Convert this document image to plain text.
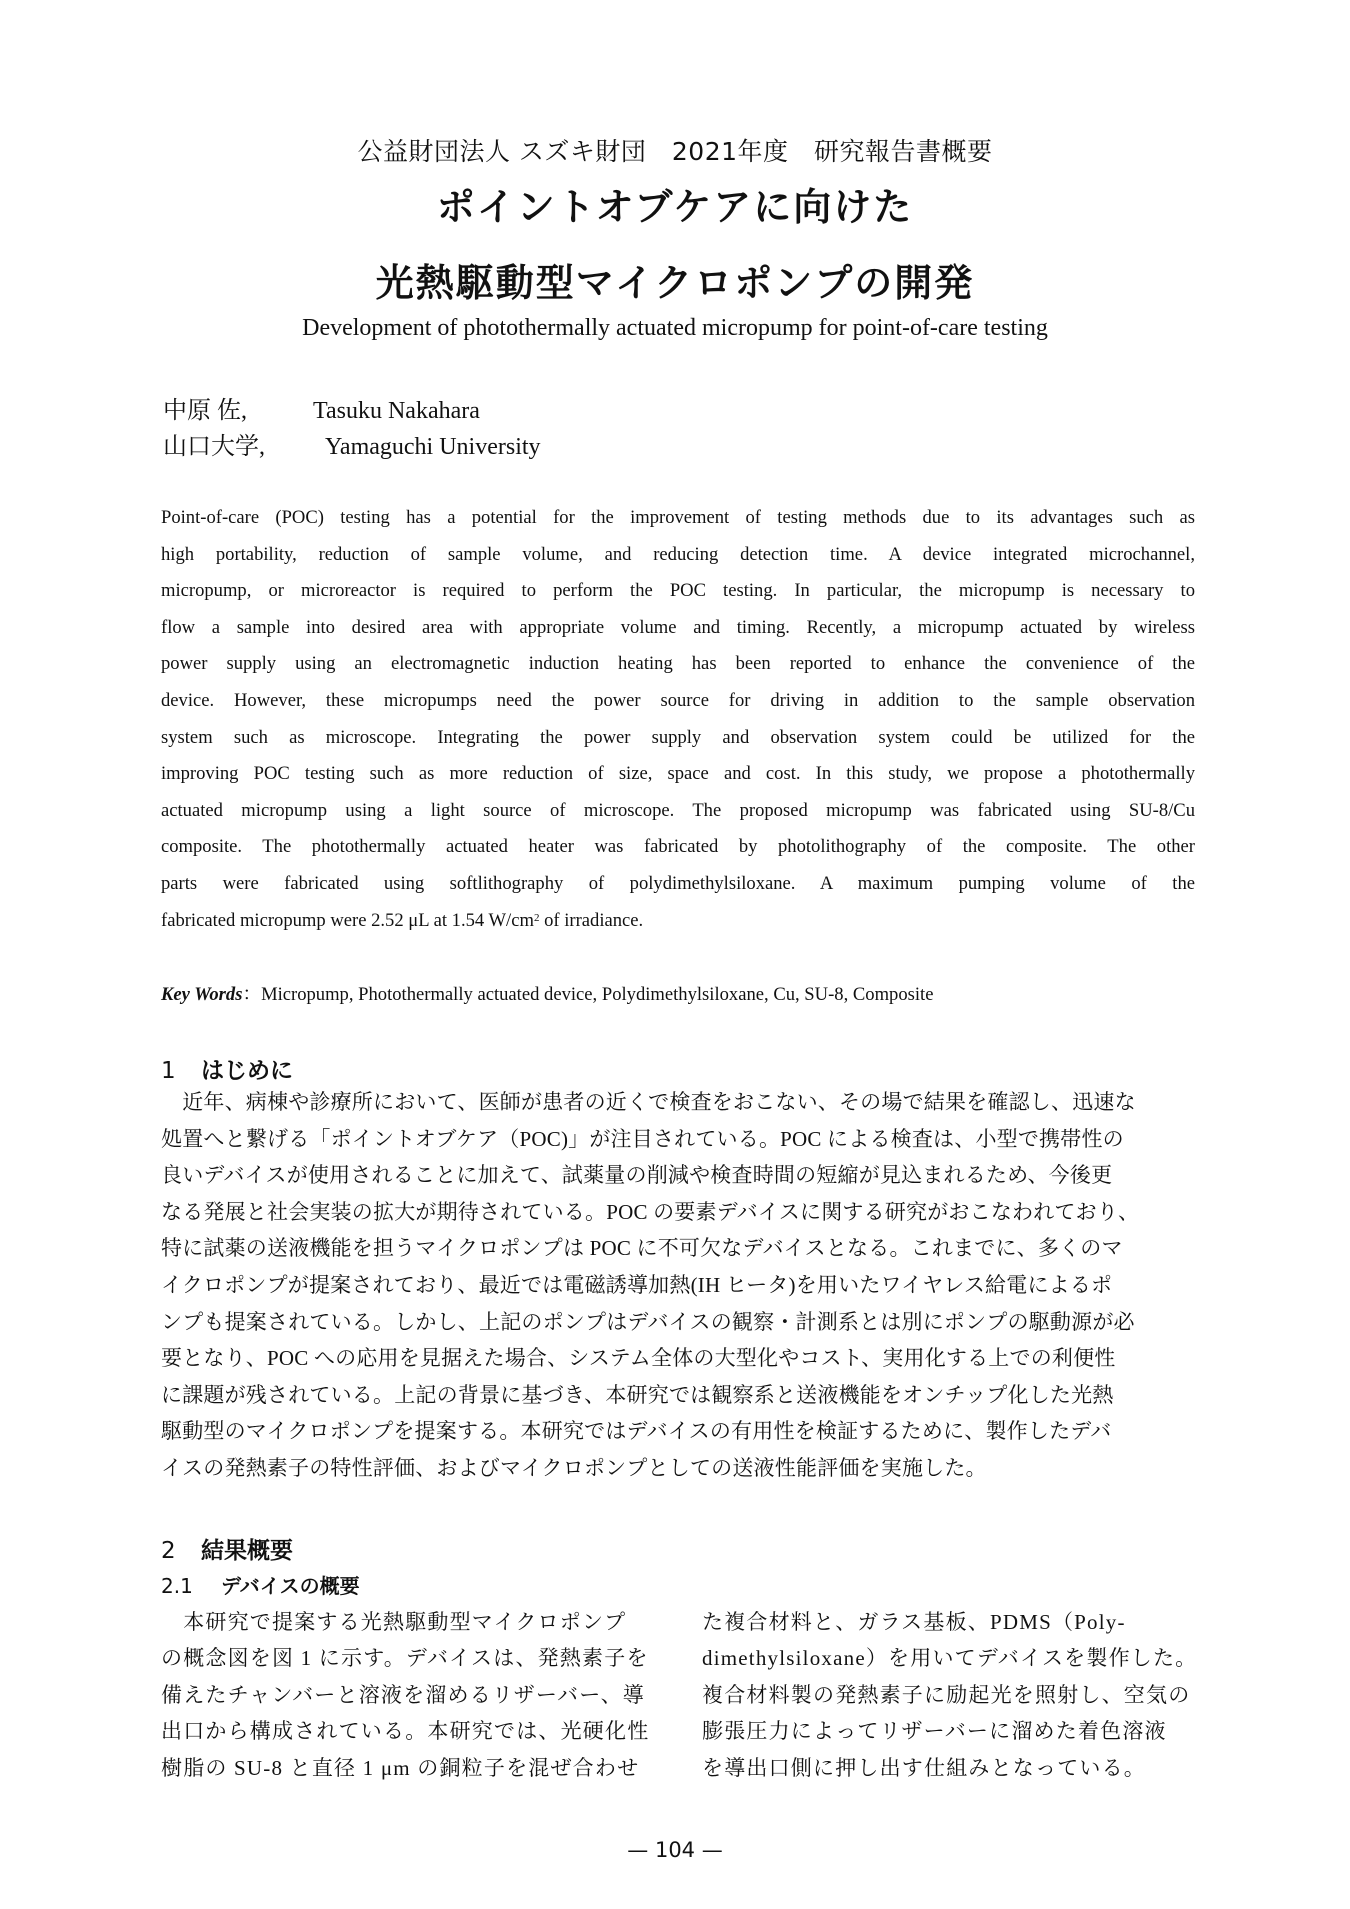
公益財団法人 スズキ財団　2021年度　研究報告書概要
ポイントオブケアに向けた
光熱駆動型マイクロポンプの開発
Development of photothermally actuated micropump for point-of-care testing
中原 佐,	Tasuku Nakahara
山口大学,	Yamaguchi University
Point-of-care (POC) testing has a potential for the improvement of testing methods due to its advantages such as
high portability, reduction of sample volume, and reducing detection time. A device integrated microchannel,
micropump, or microreactor is required to perform the POC testing. In particular, the micropump is necessary to
flow a sample into desired area with appropriate volume and timing. Recently, a micropump actuated by wireless
power supply using an electromagnetic induction heating has been reported to enhance the convenience of the
device. However, these micropumps need the power source for driving in addition to the sample observation
system such as microscope. Integrating the power supply and observation system could be utilized for the
improving POC testing such as more reduction of size, space and cost. In this study, we propose a photothermally
actuated micropump using a light source of microscope. The proposed micropump was fabricated using SU-8/Cu
composite. The photothermally actuated heater was fabricated by photolithography of the composite. The other
parts were fabricated using softlithography of polydimethylsiloxane. A maximum pumping volume of the
fabricated micropump were 2.52 μL at 1.54 $W/cm^2$ of irradiance.
Key Words：Micropump, Photothermally actuated device, Polydimethylsiloxane, Cu, SU-8, Composite
1 はじめに
　近年、病棟や診療所において、医師が患者の近くで検査をおこない、その場で結果を確認し、迅速な
処置へと繋げる「ポイントオブケア（POC)」が注目されている。POC による検査は、小型で携帯性の
良いデバイスが使用されることに加えて、試薬量の削減や検査時間の短縮が見込まれるため、今後更
なる発展と社会実装の拡大が期待されている。POC の要素デバイスに関する研究がおこなわれており、
特に試薬の送液機能を担うマイクロポンプは POC に不可欠なデバイスとなる。これまでに、多くのマ
イクロポンプが提案されており、最近では電磁誘導加熱(IH ヒータ)を用いたワイヤレス給電によるポ
ンプも提案されている。しかし、上記のポンプはデバイスの観察・計測系とは別にポンプの駆動源が必
要となり、POC への応用を見据えた場合、システム全体の大型化やコスト、実用化する上での利便性
に課題が残されている。上記の背景に基づき、本研究では観察系と送液機能をオンチップ化した光熱
駆動型のマイクロポンプを提案する。本研究ではデバイスの有用性を検証するために、製作したデバ
イスの発熱素子の特性評価、およびマイクロポンプとしての送液性能評価を実施した。
2 結果概要
2.1 デバイスの概要
　本研究で提案する光熱駆動型マイクロポンプ
の概念図を図 1 に示す。デバイスは、発熱素子を
備えたチャンバーと溶液を溜めるリザーバー、導
出口から構成されている。本研究では、光硬化性
樹脂の SU-8 と直径 1 μm の銅粒子を混ぜ合わせ
た複合材料と、ガラス基板、PDMS（Poly-
dimethylsiloxane）を用いてデバイスを製作した。
複合材料製の発熱素子に励起光を照射し、空気の
膨張圧力によってリザーバーに溜めた着色溶液
を導出口側に押し出す仕組みとなっている。
— 104 —
